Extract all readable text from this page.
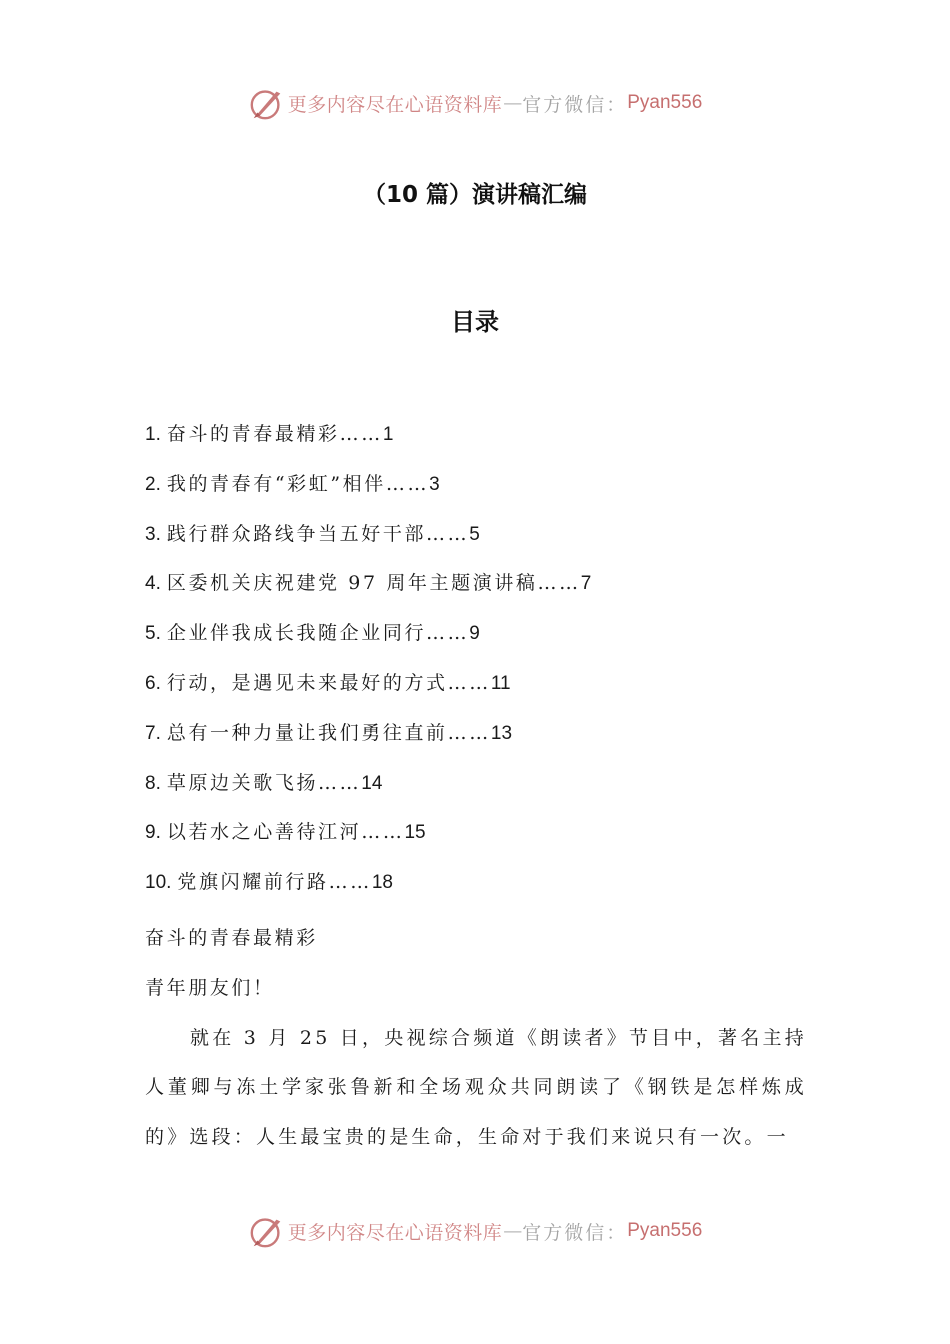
更多内容尽在心语资料库 — 官方微信： Pyan556
（10 篇）演讲稿汇编
目录
1. 奋斗的青春最精彩……1
2. 我的青春有“彩虹”相伴……3
3. 践行群众路线争当五好干部……5
4. 区委机关庆祝建党 97 周年主题演讲稿……7
5. 企业伴我成长我随企业同行……9
6. 行动，是遇见未来最好的方式……11
7. 总有一种力量让我们勇往直前……13
8. 草原边关歌飞扬……14
9. 以若水之心善待江河……15
10. 党旗闪耀前行路……18

奋斗的青春最精彩

青年朋友们！

就在 3 月 25 日，央视综合频道《朗读者》节目中，著名主持人董卿与冻土学家张鲁新和全场观众共同朗读了《钢铁是怎样炼成的》选段：人生最宝贵的是生命，生命对于我们来说只有一次。一

更多内容尽在心语资料库 — 官方微信： Pyan556
